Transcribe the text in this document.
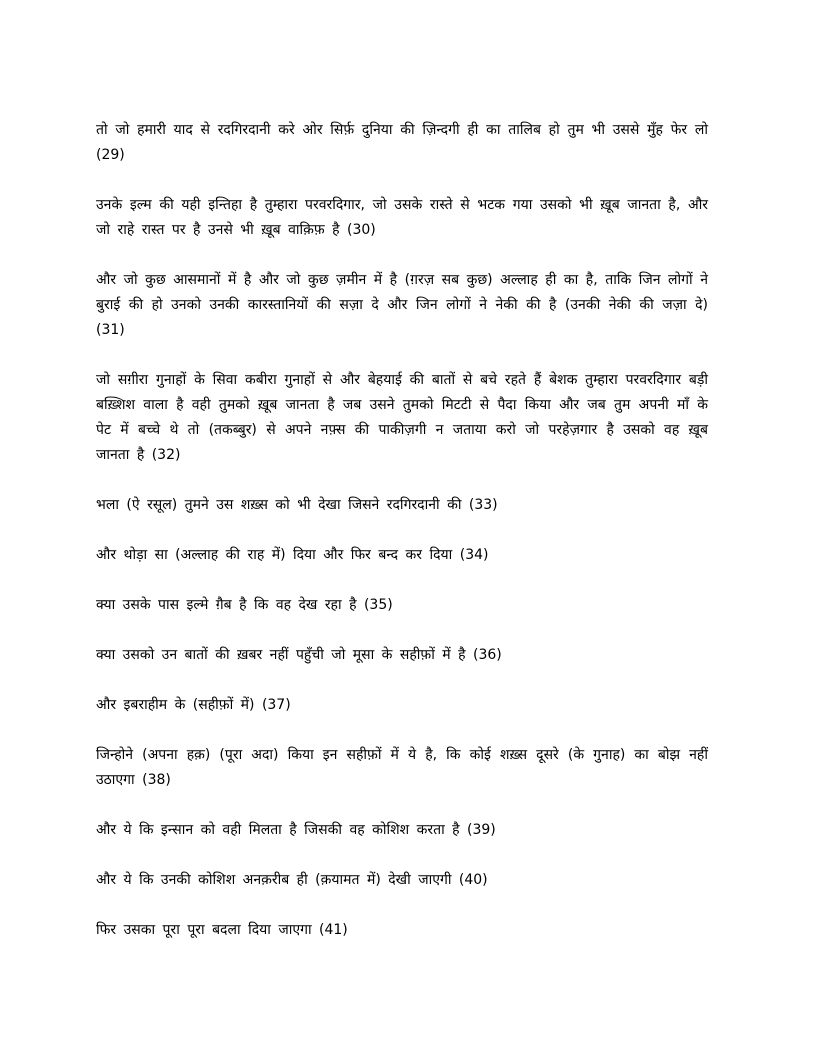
तो जो हमारी याद से रदगिरदानी करे ओर सिर्फ़ दुनिया की ज़िन्दगी ही का तालिब हो तुम भी उससे मुँह फेर लो (29)
उनके इल्म की यही इन्तिहा है तुम्हारा परवरदिगार, जो उसके रास्ते से भटक गया उसको भी ख़ूब जानता है, और जो राहे रास्त पर है उनसे भी ख़ूब वाक़िफ़ है (30)
और जो कुछ आसमानों में है और जो कुछ ज़मीन में है (ग़रज़ सब कुछ) अल्लाह ही का है, ताकि जिन लोगों ने बुराई की हो उनको उनकी कारस्तानियों की सज़ा दे और जिन लोगों ने नेकी की है (उनकी नेकी की जज़ा दे) (31)
जो सग़ीरा गुनाहों के सिवा कबीरा गुनाहों से और बेहयाई की बातों से बचे रहते हैं बेशक तुम्हारा परवरदिगार बड़ी बख़्शिश वाला है वही तुमको ख़ूब जानता है जब उसने तुमको मिटटी से पैदा किया और जब तुम अपनी माँ के पेट में बच्चे थे तो (तकब्बुर) से अपने नफ़्स की पाकीज़गी न जताया करो जो परहेज़गार है उसको वह ख़ूब जानता है (32)
भला (ऐ रसूल) तुमने उस शख़्स को भी देखा जिसने रदगिरदानी की (33)
और थोड़ा सा (अल्लाह की राह में) दिया और फिर बन्द कर दिया (34)
क्या उसके पास इल्मे ग़ैब है कि वह देख रहा है (35)
क्या उसको उन बातों की ख़बर नहीं पहुँची जो मूसा के सहीफ़ों में है (36)
और इबराहीम के (सहीफ़ों में) (37)
जिन्होने (अपना हक़) (पूरा अदा) किया इन सहीफ़ों में ये है, कि कोई शख़्स दूसरे (के गुनाह) का बोझ नहीं उठाएगा (38)
और ये कि इन्सान को वही मिलता है जिसकी वह कोशिश करता है (39)
और ये कि उनकी कोशिश अनक़रीब ही (क़यामत में) देखी जाएगी (40)
फिर उसका पूरा पूरा बदला दिया जाएगा (41)
